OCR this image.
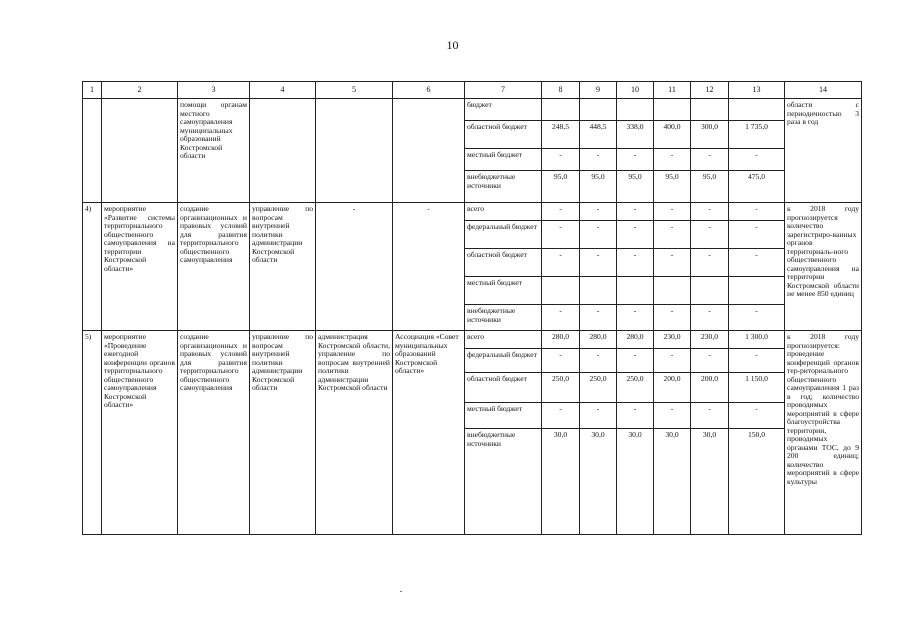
10
1	2	3	4	5	6	7	8	9	10	11	12	13	14
		помощи органам местного самоуправления муниципальных образований Костромской области				бюджет							области с периодичностью 3 раза в год
						областной бюджет	248,5	448,5	338,0	400,0	300,0	1 735,0	
						местный бюджет	-	-	-	-	-	-	
						внебюджетные источники	95,0	95,0	95,0	95,0	95,0	475,0	
4)	мероприятие «Развитие системы территориального общественного самоуправления на территории Костромской области»	создание организационных и правовых условий для развития территориального общественного самоуправления	управление по вопросам внутренней политики администрации Костромской области	-	-	всего	-	-	-	-	-	-	к 2018 году прогнозируется количество зарегистриро-ванных органов территориаль-ного общественного самоуправления на территории Костромской области не менее 850 единиц
						федеральный бюджет	-	-	-	-	-	-	
						областной бюджет	-	-	-	-	-	-	
						местный бюджет							
						внебюджетные источники	-	-	-	-	-	-	
5)	мероприятие «Проведение ежегодной конференции органов территориального общественного самоуправления Костромской области»	создание организационных и правовых условий для развития территориального общественного самоуправления	управление по вопросам внутренней политики администрации Костромской области	администрация Костромской области, управление по вопросам внутренней политики администрации Костромской области	Ассоциация «Совет муниципальных образований Костромской области»	всего	280,0	280,0	280,0	230,0	230,0	1 300,0	к 2018 году прогнозируется: проведение конференций органов тер-риториального общественного самоуправления 1 раз в год; количество проводимых мероприятий в сфере благоустройства территории, проводимых органами ТОС, до 9 200 единиц; количество мероприятий в сфере культуры
						федеральный бюджет	-	-	-	-	-	-	
						областной бюджет	250,0	250,0	250,0	200,0	200,0	1 150,0	
						местный бюджет	-	-	-	-	-	-	
						внебюджетные источники	30,0	30,0	30,0	30,0	30,0	150,0	
